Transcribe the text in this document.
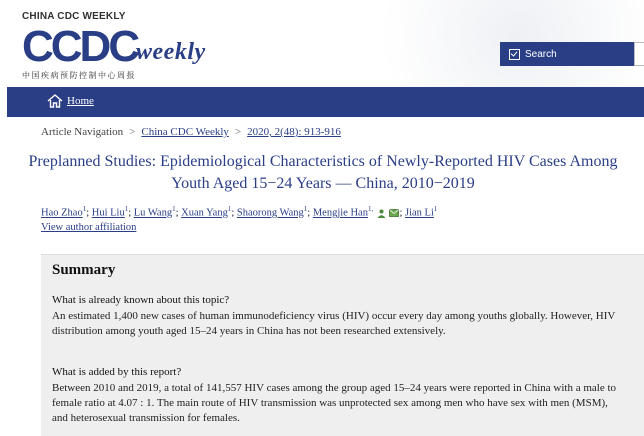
CHINA CDC WEEKLY
CCDC
weekly
中国疾病预防控制中心周报
Search
Home
Article Navigation > China CDC Weekly > 2020, 2(48): 913-916
Preplanned Studies: Epidemiological Characteristics of Newly-Reported HIV Cases Among Youth Aged 15−24 Years — China, 2010−2019
Hao Zhao$^1$; Hui Liu$^1$; Lu Wang$^1$; Xuan Yang$^1$; Shaorong Wang$^1$; Mengjie Han$^{1,}$	; Jian Li$^1$
View author affiliation
Summary
What is already known about this topic?
An estimated 1,400 new cases of human immunodeficiency virus (HIV) occur every day among youths globally. However, HIV distribution among youth aged 15–24 years in China has not been researched extensively.
What is added by this report?
Between 2010 and 2019, a total of 141,557 HIV cases among the group aged 15–24 years were reported in China with a male to female ratio at 4.07 : 1. The main route of HIV transmission was unprotected sex among men who have sex with men (MSM), and heterosexual transmission for females.
